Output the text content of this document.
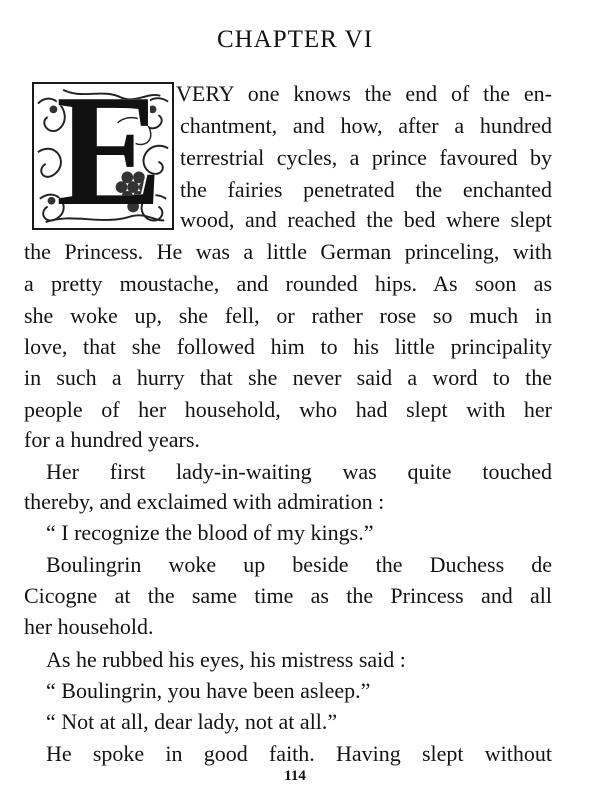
CHAPTER VI
E VERY one knows the end of the en-
chantment, and how, after a hundred
terrestrial cycles, a prince favoured by
the fairies penetrated the enchanted
wood, and reached the bed where slept
the Princess. He was a little German princeling, with
a pretty moustache, and rounded hips. As soon as
she woke up, she fell, or rather rose so much in
love, that she followed him to his little principality
in such a hurry that she never said a word to the
people of her household, who had slept with her
for a hundred years.
Her first lady-in-waiting was quite touched
thereby, and exclaimed with admiration :
“ I recognize the blood of my kings.”
Boulingrin woke up beside the Duchess de
Cicogne at the same time as the Princess and all
her household.
As he rubbed his eyes, his mistress said :
“ Boulingrin, you have been asleep.”
“ Not at all, dear lady, not at all.”
He spoke in good faith. Having slept without
114
